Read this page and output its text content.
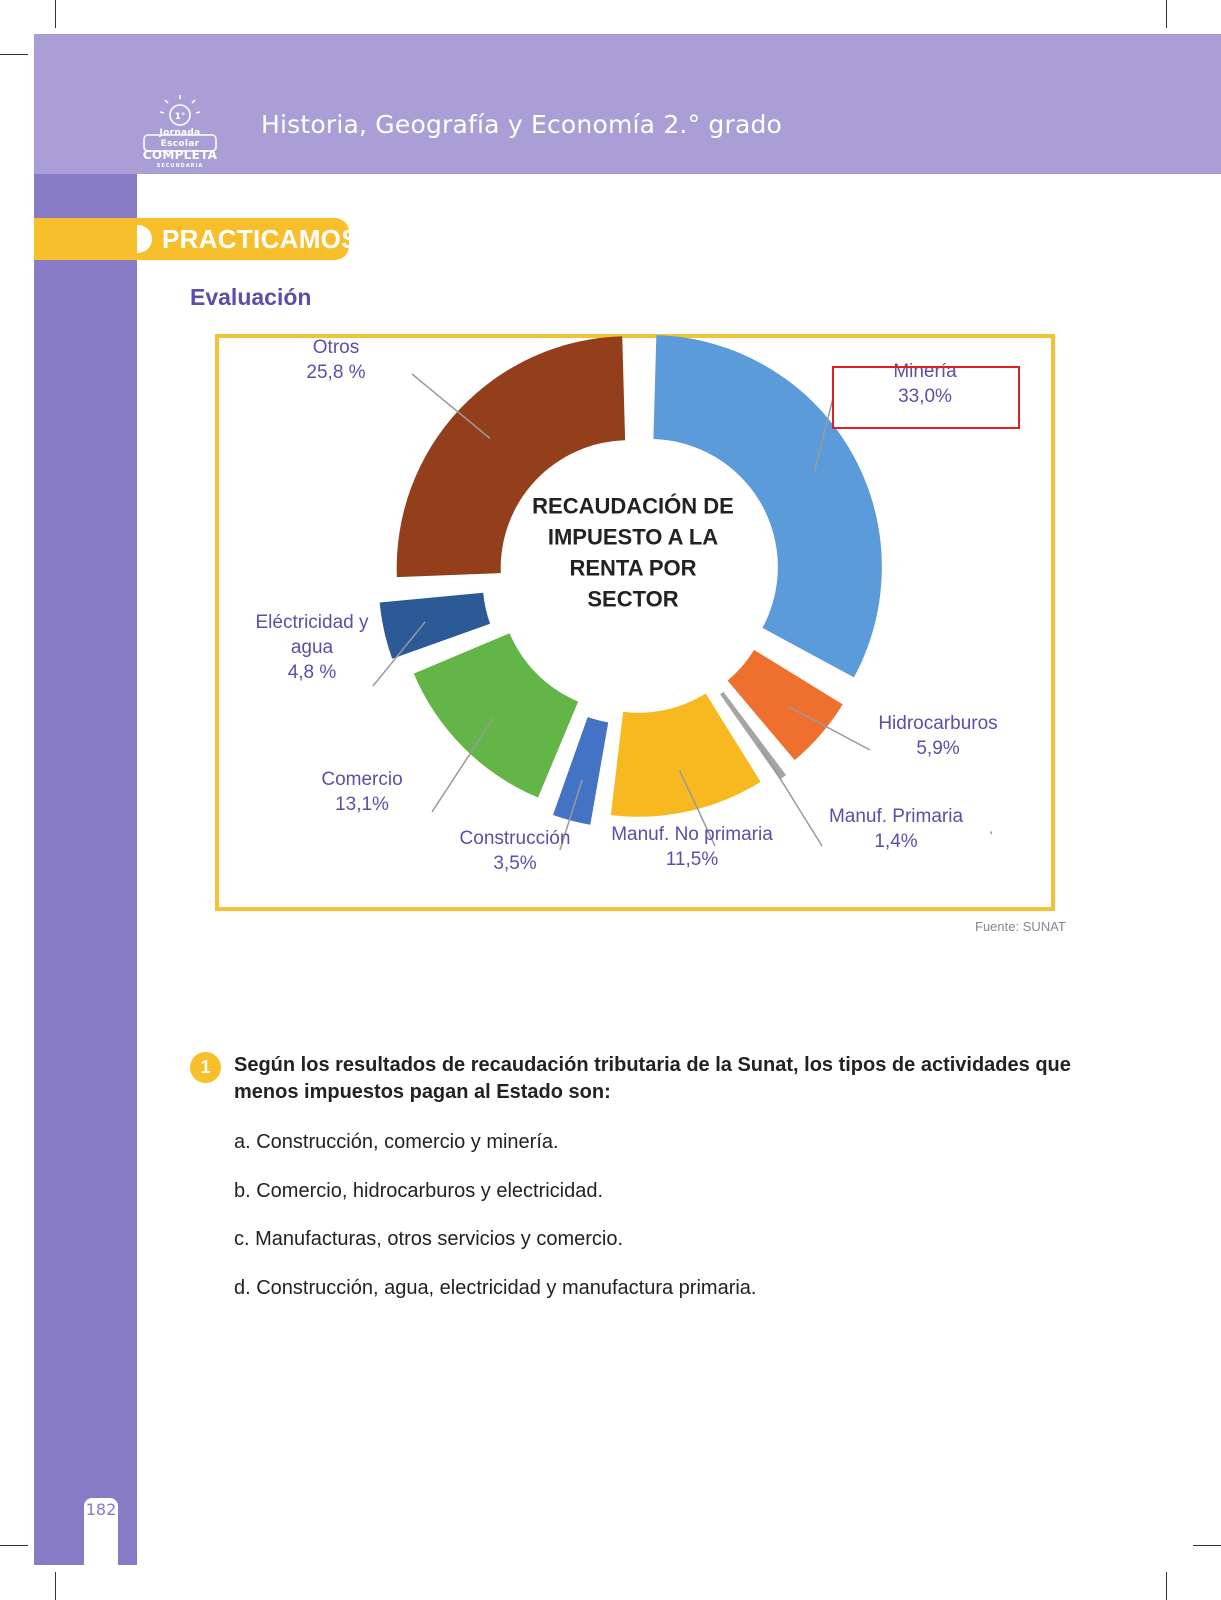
1°
Jornada Escolar
COMPLETA
SECUNDARIA
Historia, Geografía y Economía 2.° grado
PRACTICAMOS
Evaluación
Minería 33,0%
Hidrocarburos 5,9%
Manuf. Primaria 1,4%
Manuf. No primaria 11,5%
Construcción 3,5%
Comercio 13,1%
Eléctricidad y agua 4,8 %
Otros 25,8 %
RECAUDACIÓN DE IMPUESTO A LA RENTA POR SECTOR
'
Fuente: SUNAT
1	Según los resultados de recaudación tributaria de la Sunat, los tipos de actividades que menos impuestos pagan al Estado son:
a. Construcción, comercio y minería.
b. Comercio, hidrocarburos y electricidad.
c. Manufacturas, otros servicios y comercio.
d. Construcción, agua, electricidad y manufactura primaria.
182
